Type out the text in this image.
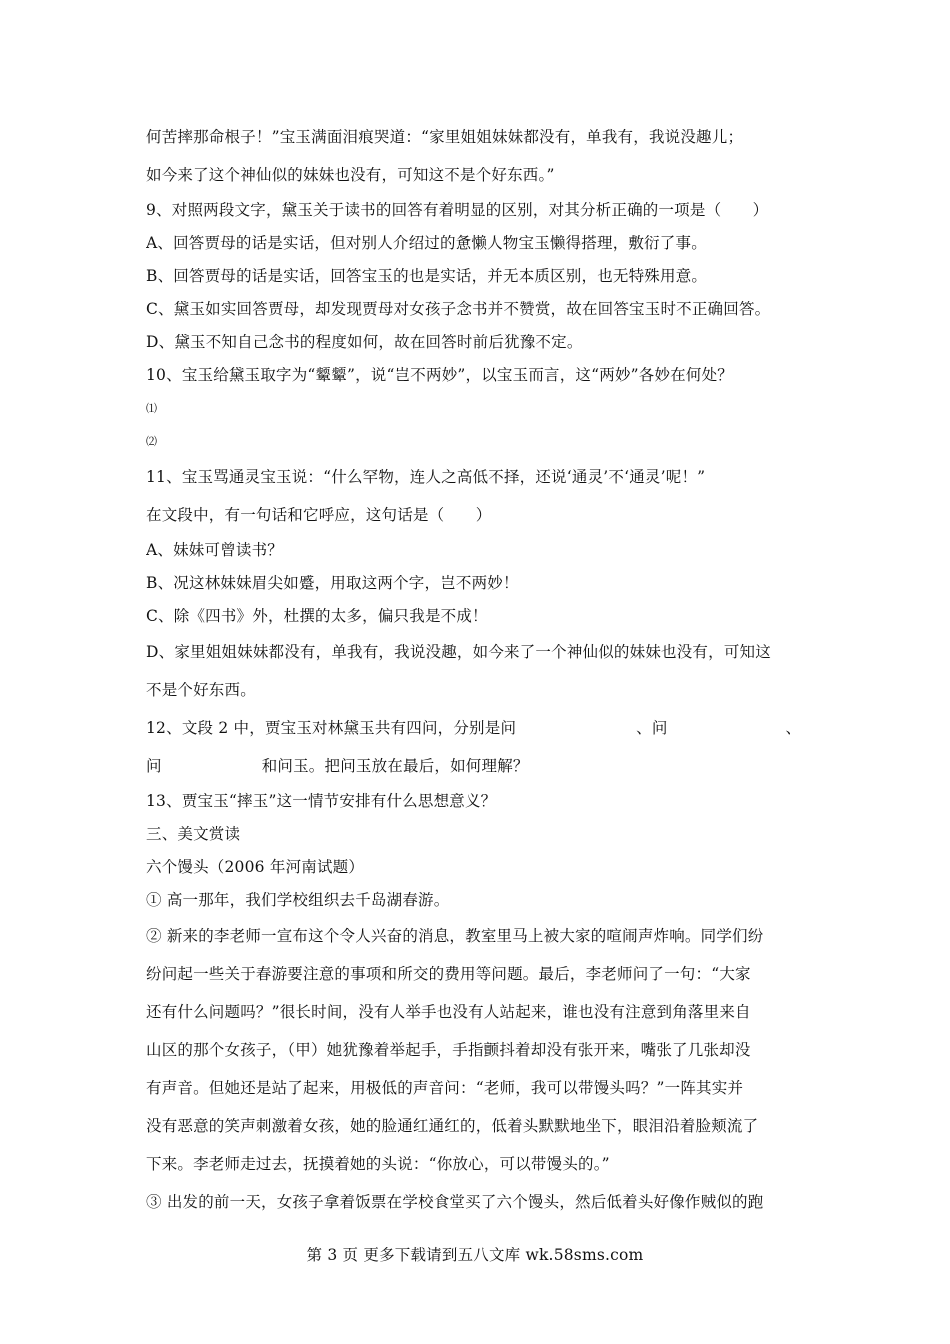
何苦摔那命根子！”宝玉满面泪痕哭道：“家里姐姐妹妹都没有，单我有，我说没趣儿；
如今来了这个神仙似的妹妹也没有，可知这不是个好东西。”
9、对照两段文字，黛玉关于读书的回答有着明显的区别，对其分析正确的一项是（　　）
A、回答贾母的话是实话，但对别人介绍过的惫懒人物宝玉懒得搭理，敷衍了事。
B、回答贾母的话是实话，回答宝玉的也是实话，并无本质区别，也无特殊用意。
C、黛玉如实回答贾母，却发现贾母对女孩子念书并不赞赏，故在回答宝玉时不正确回答。
D、黛玉不知自己念书的程度如何，故在回答时前后犹豫不定。
10、宝玉给黛玉取字为“颦颦”，说“岂不两妙”，以宝玉而言，这“两妙”各妙在何处？
⑴
⑵
11、宝玉骂通灵宝玉说：“什么罕物，连人之高低不择，还说‘通灵’不‘通灵’呢！”
在文段中，有一句话和它呼应，这句话是（　　）
A、妹妹可曾读书？
B、况这林妹妹眉尖如蹙，用取这两个字，岂不两妙！
C、除《四书》外，杜撰的太多，偏只我是不成！
D、家里姐姐妹妹都没有，单我有，我说没趣，如今来了一个神仙似的妹妹也没有，可知这
不是个好东西。
12、文段 2 中，贾宝玉对林黛玉共有四问，分别是问	、问	、
问	和问玉。把问玉放在最后，如何理解？
13、贾宝玉“摔玉”这一情节安排有什么思想意义？
三、美文赏读
六个馒头（2006 年河南试题）
① 高一那年，我们学校组织去千岛湖春游。
② 新来的李老师一宣布这个令人兴奋的消息，教室里马上被大家的喧闹声炸响。同学们纷
纷问起一些关于春游要注意的事项和所交的费用等问题。最后，李老师问了一句：“大家
还有什么问题吗？”很长时间，没有人举手也没有人站起来，谁也没有注意到角落里来自
山区的那个女孩子，（甲）她犹豫着举起手，手指颤抖着却没有张开来，嘴张了几张却没
有声音。但她还是站了起来，用极低的声音问：“老师，我可以带馒头吗？”一阵其实并
没有恶意的笑声刺激着女孩，她的脸通红通红的，低着头默默地坐下，眼泪沿着脸颊流了
下来。李老师走过去，抚摸着她的头说：“你放心，可以带馒头的。”
③ 出发的前一天，女孩子拿着饭票在学校食堂买了六个馒头，然后低着头好像作贼似的跑
第 3 页 更多下载请到五八文库 wk.58sms.com
